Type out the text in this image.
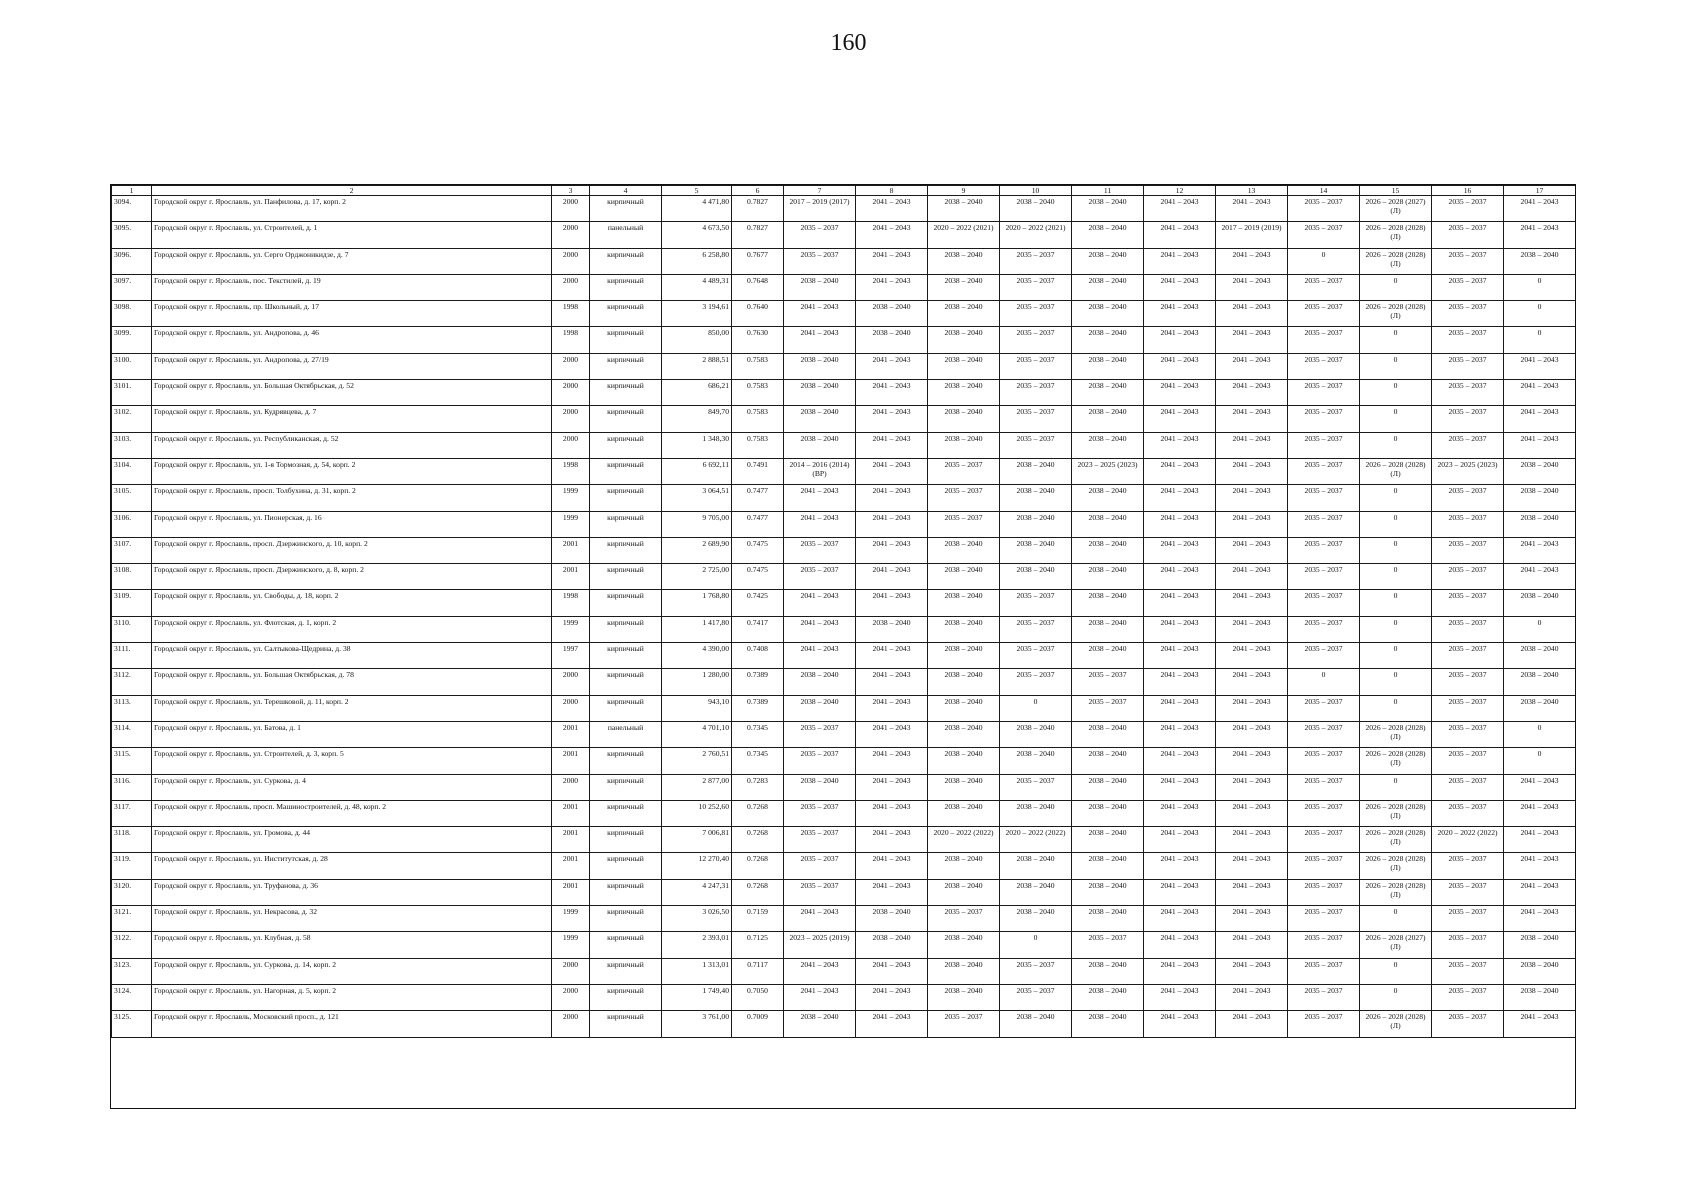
160
1	2	3	4	5	6	7	8	9	10	11	12	13	14	15	16	17
3094.	Городской округ г. Ярославль, ул. Панфилова, д. 17, корп. 2	2000	кирпичный	4 471,80	0.7827	2017 – 2019 (2017)	2041 – 2043	2038 – 2040	2038 – 2040	2038 – 2040	2041 – 2043	2041 – 2043	2035 – 2037	2026 – 2028 (2027) (Л)	2035 – 2037	2041 – 2043
3095.	Городской округ г. Ярославль, ул. Строителей, д. 1	2000	панельный	4 673,50	0.7827	2035 – 2037	2041 – 2043	2020 – 2022 (2021)	2020 – 2022 (2021)	2038 – 2040	2041 – 2043	2017 – 2019 (2019)	2035 – 2037	2026 – 2028 (2028) (Л)	2035 – 2037	2041 – 2043
3096.	Городской округ г. Ярославль, ул. Серго Орджоникидзе, д. 7	2000	кирпичный	6 258,80	0.7677	2035 – 2037	2041 – 2043	2038 – 2040	2035 – 2037	2038 – 2040	2041 – 2043	2041 – 2043	0	2026 – 2028 (2028) (Л)	2035 – 2037	2038 – 2040
3097.	Городской округ г. Ярославль, пос. Текстилей, д. 19	2000	кирпичный	4 489,31	0.7648	2038 – 2040	2041 – 2043	2038 – 2040	2035 – 2037	2038 – 2040	2041 – 2043	2041 – 2043	2035 – 2037	0	2035 – 2037	0
3098.	Городской округ г. Ярославль, пр. Школьный, д. 17	1998	кирпичный	3 194,61	0.7640	2041 – 2043	2038 – 2040	2038 – 2040	2035 – 2037	2038 – 2040	2041 – 2043	2041 – 2043	2035 – 2037	2026 – 2028 (2028) (Л)	2035 – 2037	0
3099.	Городской округ г. Ярославль, ул. Андропова, д. 46	1998	кирпичный	850,00	0.7630	2041 – 2043	2038 – 2040	2038 – 2040	2035 – 2037	2038 – 2040	2041 – 2043	2041 – 2043	2035 – 2037	0	2035 – 2037	0
3100.	Городской округ г. Ярославль, ул. Андропова, д. 27/19	2000	кирпичный	2 888,51	0.7583	2038 – 2040	2041 – 2043	2038 – 2040	2035 – 2037	2038 – 2040	2041 – 2043	2041 – 2043	2035 – 2037	0	2035 – 2037	2041 – 2043
3101.	Городской округ г. Ярославль, ул. Большая Октябрьская, д. 52	2000	кирпичный	686,21	0.7583	2038 – 2040	2041 – 2043	2038 – 2040	2035 – 2037	2038 – 2040	2041 – 2043	2041 – 2043	2035 – 2037	0	2035 – 2037	2041 – 2043
3102.	Городской округ г. Ярославль, ул. Кудрявцева, д. 7	2000	кирпичный	849,70	0.7583	2038 – 2040	2041 – 2043	2038 – 2040	2035 – 2037	2038 – 2040	2041 – 2043	2041 – 2043	2035 – 2037	0	2035 – 2037	2041 – 2043
3103.	Городской округ г. Ярославль, ул. Республиканская, д. 52	2000	кирпичный	1 348,30	0.7583	2038 – 2040	2041 – 2043	2038 – 2040	2035 – 2037	2038 – 2040	2041 – 2043	2041 – 2043	2035 – 2037	0	2035 – 2037	2041 – 2043
3104.	Городской округ г. Ярославль, ул. 1-я Тормозная, д. 54, корп. 2	1998	кирпичный	6 692,11	0.7491	2014 – 2016 (2014) (ВР)	2041 – 2043	2035 – 2037	2038 – 2040	2023 – 2025 (2023)	2041 – 2043	2041 – 2043	2035 – 2037	2026 – 2028 (2028) (Л)	2023 – 2025 (2023)	2038 – 2040
3105.	Городской округ г. Ярославль, просп. Толбухина, д. 31, корп. 2	1999	кирпичный	3 064,51	0.7477	2041 – 2043	2041 – 2043	2035 – 2037	2038 – 2040	2038 – 2040	2041 – 2043	2041 – 2043	2035 – 2037	0	2035 – 2037	2038 – 2040
3106.	Городской округ г. Ярославль, ул. Пионерская, д. 16	1999	кирпичный	9 705,00	0.7477	2041 – 2043	2041 – 2043	2035 – 2037	2038 – 2040	2038 – 2040	2041 – 2043	2041 – 2043	2035 – 2037	0	2035 – 2037	2038 – 2040
3107.	Городской округ г. Ярославль, просп. Дзержинского, д. 10, корп. 2	2001	кирпичный	2 689,90	0.7475	2035 – 2037	2041 – 2043	2038 – 2040	2038 – 2040	2038 – 2040	2041 – 2043	2041 – 2043	2035 – 2037	0	2035 – 2037	2041 – 2043
3108.	Городской округ г. Ярославль, просп. Дзержинского, д. 8, корп. 2	2001	кирпичный	2 725,00	0.7475	2035 – 2037	2041 – 2043	2038 – 2040	2038 – 2040	2038 – 2040	2041 – 2043	2041 – 2043	2035 – 2037	0	2035 – 2037	2041 – 2043
3109.	Городской округ г. Ярославль, ул. Свободы, д. 18, корп. 2	1998	кирпичный	1 768,80	0.7425	2041 – 2043	2041 – 2043	2038 – 2040	2035 – 2037	2038 – 2040	2041 – 2043	2041 – 2043	2035 – 2037	0	2035 – 2037	2038 – 2040
3110.	Городской округ г. Ярославль, ул. Флотская, д. 1, корп. 2	1999	кирпичный	1 417,80	0.7417	2041 – 2043	2038 – 2040	2038 – 2040	2035 – 2037	2038 – 2040	2041 – 2043	2041 – 2043	2035 – 2037	0	2035 – 2037	0
3111.	Городской округ г. Ярославль, ул. Салтыкова-Щедрина, д. 38	1997	кирпичный	4 390,00	0.7408	2041 – 2043	2041 – 2043	2038 – 2040	2035 – 2037	2038 – 2040	2041 – 2043	2041 – 2043	2035 – 2037	0	2035 – 2037	2038 – 2040
3112.	Городской округ г. Ярославль, ул. Большая Октябрьская, д. 78	2000	кирпичный	1 280,00	0.7389	2038 – 2040	2041 – 2043	2038 – 2040	2035 – 2037	2035 – 2037	2041 – 2043	2041 – 2043	0	0	2035 – 2037	2038 – 2040
3113.	Городской округ г. Ярославль, ул. Терешковой, д. 11, корп. 2	2000	кирпичный	943,10	0.7389	2038 – 2040	2041 – 2043	2038 – 2040	0	2035 – 2037	2041 – 2043	2041 – 2043	2035 – 2037	0	2035 – 2037	2038 – 2040
3114.	Городской округ г. Ярославль, ул. Батова, д. 1	2001	панельный	4 701,10	0.7345	2035 – 2037	2041 – 2043	2038 – 2040	2038 – 2040	2038 – 2040	2041 – 2043	2041 – 2043	2035 – 2037	2026 – 2028 (2028) (Л)	2035 – 2037	0
3115.	Городской округ г. Ярославль, ул. Строителей, д. 3, корп. 5	2001	кирпичный	2 760,51	0.7345	2035 – 2037	2041 – 2043	2038 – 2040	2038 – 2040	2038 – 2040	2041 – 2043	2041 – 2043	2035 – 2037	2026 – 2028 (2028) (Л)	2035 – 2037	0
3116.	Городской округ г. Ярославль, ул. Суркова, д. 4	2000	кирпичный	2 877,00	0.7283	2038 – 2040	2041 – 2043	2038 – 2040	2035 – 2037	2038 – 2040	2041 – 2043	2041 – 2043	2035 – 2037	0	2035 – 2037	2041 – 2043
3117.	Городской округ г. Ярославль, просп. Машиностроителей, д. 48, корп. 2	2001	кирпичный	10 252,60	0.7268	2035 – 2037	2041 – 2043	2038 – 2040	2038 – 2040	2038 – 2040	2041 – 2043	2041 – 2043	2035 – 2037	2026 – 2028 (2028) (Л)	2035 – 2037	2041 – 2043
3118.	Городской округ г. Ярославль, ул. Громова, д. 44	2001	кирпичный	7 006,81	0.7268	2035 – 2037	2041 – 2043	2020 – 2022 (2022)	2020 – 2022 (2022)	2038 – 2040	2041 – 2043	2041 – 2043	2035 – 2037	2026 – 2028 (2028) (Л)	2020 – 2022 (2022)	2041 – 2043
3119.	Городской округ г. Ярославль, ул. Институтская, д. 28	2001	кирпичный	12 270,40	0.7268	2035 – 2037	2041 – 2043	2038 – 2040	2038 – 2040	2038 – 2040	2041 – 2043	2041 – 2043	2035 – 2037	2026 – 2028 (2028) (Л)	2035 – 2037	2041 – 2043
3120.	Городской округ г. Ярославль, ул. Труфанова, д. 36	2001	кирпичный	4 247,31	0.7268	2035 – 2037	2041 – 2043	2038 – 2040	2038 – 2040	2038 – 2040	2041 – 2043	2041 – 2043	2035 – 2037	2026 – 2028 (2028) (Л)	2035 – 2037	2041 – 2043
3121.	Городской округ г. Ярославль, ул. Некрасова, д. 32	1999	кирпичный	3 026,50	0.7159	2041 – 2043	2038 – 2040	2035 – 2037	2038 – 2040	2038 – 2040	2041 – 2043	2041 – 2043	2035 – 2037	0	2035 – 2037	2041 – 2043
3122.	Городской округ г. Ярославль, ул. Клубная, д. 58	1999	кирпичный	2 393,01	0.7125	2023 – 2025 (2019)	2038 – 2040	2038 – 2040	0	2035 – 2037	2041 – 2043	2041 – 2043	2035 – 2037	2026 – 2028 (2027) (Л)	2035 – 2037	2038 – 2040
3123.	Городской округ г. Ярославль, ул. Суркова, д. 14, корп. 2	2000	кирпичный	1 313,01	0.7117	2041 – 2043	2041 – 2043	2038 – 2040	2035 – 2037	2038 – 2040	2041 – 2043	2041 – 2043	2035 – 2037	0	2035 – 2037	2038 – 2040
3124.	Городской округ г. Ярославль, ул. Нагорная, д. 5, корп. 2	2000	кирпичный	1 749,40	0.7050	2041 – 2043	2041 – 2043	2038 – 2040	2035 – 2037	2038 – 2040	2041 – 2043	2041 – 2043	2035 – 2037	0	2035 – 2037	2038 – 2040
3125.	Городской округ г. Ярославль, Московский просп., д. 121	2000	кирпичный	3 761,00	0.7009	2038 – 2040	2041 – 2043	2035 – 2037	2038 – 2040	2038 – 2040	2041 – 2043	2041 – 2043	2035 – 2037	2026 – 2028 (2028) (Л)	2035 – 2037	2041 – 2043
